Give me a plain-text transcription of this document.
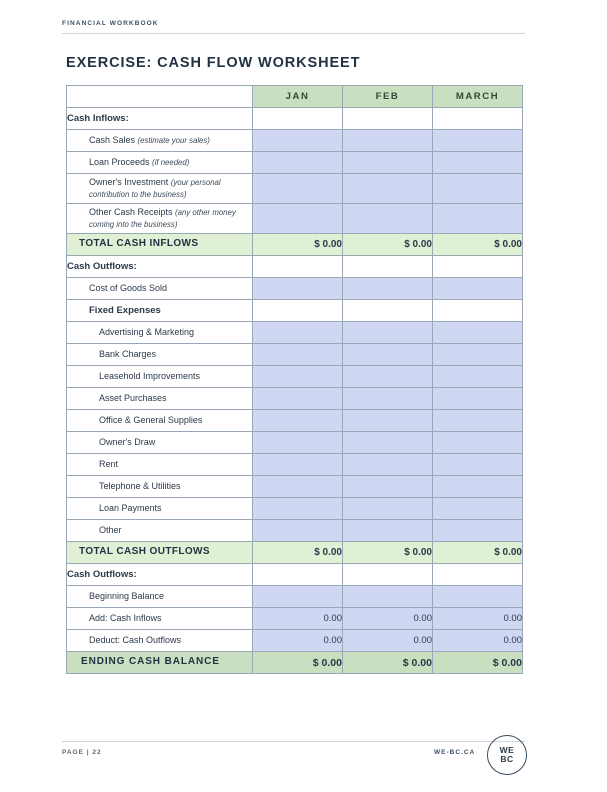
FINANCIAL WORKBOOK
EXERCISE: CASH FLOW WORKSHEET
	JAN	FEB	MARCH
Cash Inflows:			
Cash Sales (estimate your sales)			
Loan Proceeds (if needed)			
Owner's Investment (your personal contribution to the business)			
Other Cash Receipts (any other money coming into the business)			
TOTAL CASH INFLOWS	$ 0.00	$ 0.00	$ 0.00
Cash Outflows:			
Cost of Goods Sold			
Fixed Expenses			
Advertising & Marketing			
Bank Charges			
Leasehold Improvements			
Asset Purchases			
Office & General Supplies			
Owner's Draw			
Rent			
Telephone & Utilities			
Loan Payments			
Other			
TOTAL CASH OUTFLOWS	$ 0.00	$ 0.00	$ 0.00
Cash Outflows:			
Beginning Balance			
Add: Cash Inflows	0.00	0.00	0.00
Deduct: Cash Outflows	0.00	0.00	0.00
ENDING CASH BALANCE	$ 0.00	$ 0.00	$ 0.00
PAGE | 22	WE-BC.CA	WE
BC
